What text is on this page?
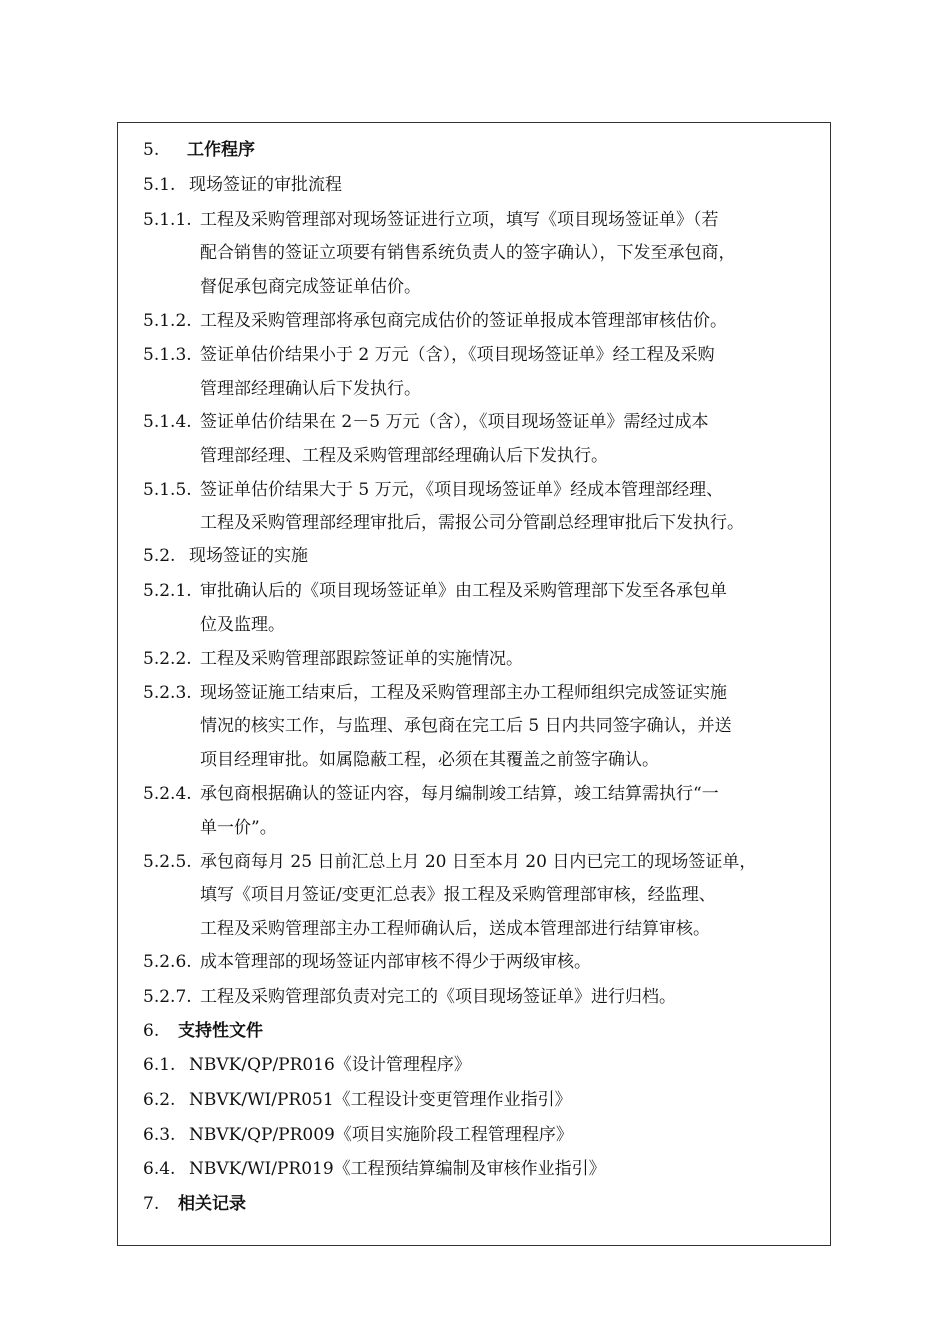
5. 工作程序
5.1. 现场签证的审批流程
5.1.1. 工程及采购管理部对现场签证进行立项，填写《项目现场签证单》（若
配合销售的签证立项要有销售系统负责人的签字确认），下发至承包商，
督促承包商完成签证单估价。
5.1.2. 工程及采购管理部将承包商完成估价的签证单报成本管理部审核估价。
5.1.3. 签证单估价结果小于 2 万元（含），《项目现场签证单》经工程及采购
管理部经理确认后下发执行。
5.1.4. 签证单估价结果在 2－5 万元（含），《项目现场签证单》需经过成本
管理部经理、工程及采购管理部经理确认后下发执行。
5.1.5. 签证单估价结果大于 5 万元，《项目现场签证单》经成本管理部经理、
工程及采购管理部经理审批后，需报公司分管副总经理审批后下发执行。
5.2. 现场签证的实施
5.2.1. 审批确认后的《项目现场签证单》由工程及采购管理部下发至各承包单
位及监理。
5.2.2. 工程及采购管理部跟踪签证单的实施情况。
5.2.3. 现场签证施工结束后，工程及采购管理部主办工程师组织完成签证实施
情况的核实工作，与监理、承包商在完工后 5 日内共同签字确认，并送
项目经理审批。如属隐蔽工程，必须在其覆盖之前签字确认。
5.2.4. 承包商根据确认的签证内容，每月编制竣工结算，竣工结算需执行“一
单一价”。
5.2.5. 承包商每月 25 日前汇总上月 20 日至本月 20 日内已完工的现场签证单，
填写《项目月签证/变更汇总表》报工程及采购管理部审核，经监理、
工程及采购管理部主办工程师确认后，送成本管理部进行结算审核。
5.2.6. 成本管理部的现场签证内部审核不得少于两级审核。
5.2.7. 工程及采购管理部负责对完工的《项目现场签证单》进行归档。
6. 支持性文件
6.1. NBVK/QP/PR016《设计管理程序》
6.2. NBVK/WI/PR051《工程设计变更管理作业指引》
6.3. NBVK/QP/PR009《项目实施阶段工程管理程序》
6.4. NBVK/WI/PR019《工程预结算编制及审核作业指引》
7. 相关记录
